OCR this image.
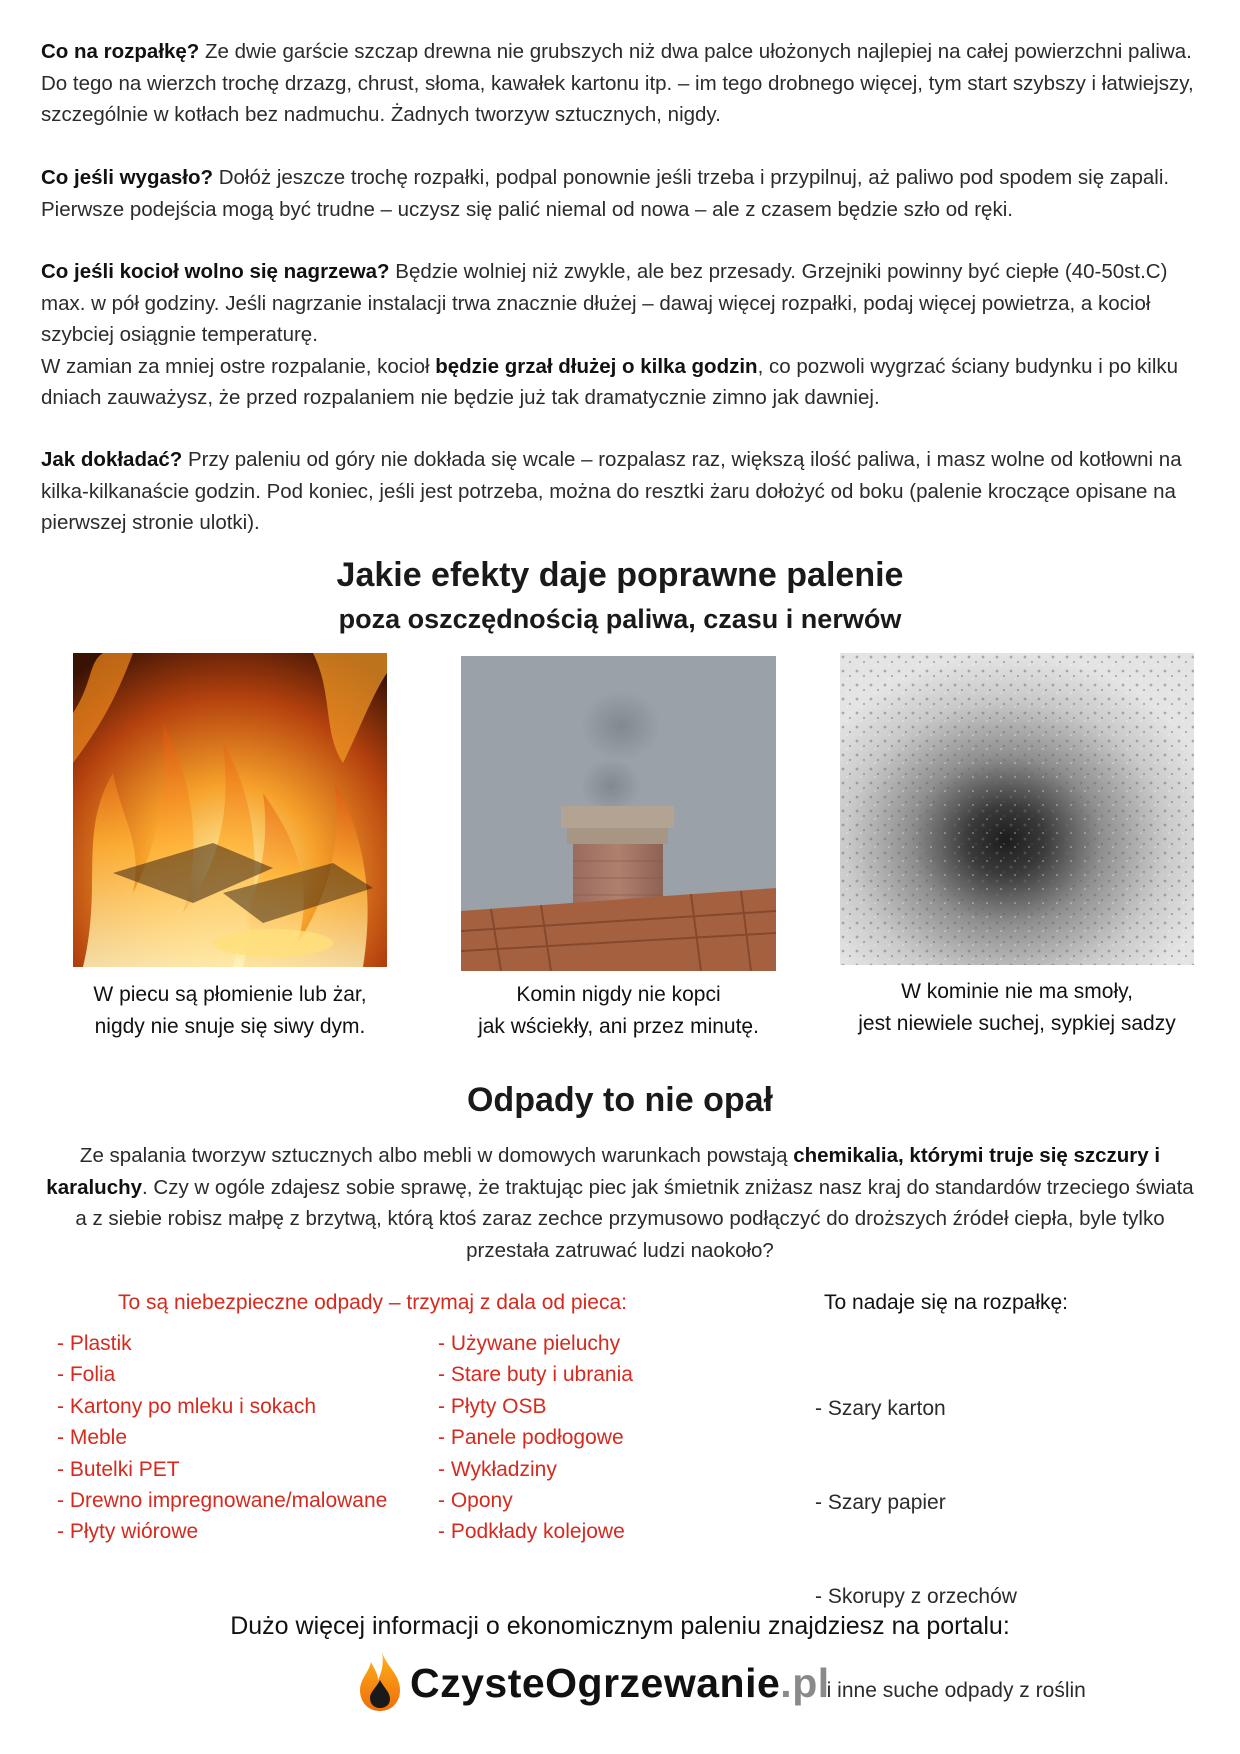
Co na rozpałkę? Ze dwie garście szczap drewna nie grubszych niż dwa palce ułożonych najlepiej na całej powierzchni paliwa. Do tego na wierzch trochę drzazg, chrust, słoma, kawałek kartonu itp. – im tego drobnego więcej, tym start szybszy i łatwiejszy, szczególnie w kotłach bez nadmuchu. Żadnych tworzyw sztucznych, nigdy.

Co jeśli wygasło? Dołóż jeszcze trochę rozpałki, podpal ponownie jeśli trzeba i przypilnuj, aż paliwo pod spodem się zapali. Pierwsze podejścia mogą być trudne – uczysz się palić niemal od nowa – ale z czasem będzie szło od ręki.

Co jeśli kocioł wolno się nagrzewa? Będzie wolniej niż zwykle, ale bez przesady. Grzejniki powinny być ciepłe (40-50st.C) max. w pół godziny. Jeśli nagrzanie instalacji trwa znacznie dłużej – dawaj więcej rozpałki, podaj więcej powietrza, a kocioł szybciej osiągnie temperaturę.
W zamian za mniej ostre rozpalanie, kocioł będzie grzał dłużej o kilka godzin, co pozwoli wygrzać ściany budynku i po kilku dniach zauważysz, że przed rozpalaniem nie będzie już tak dramatycznie zimno jak dawniej.

Jak dokładać? Przy paleniu od góry nie dokłada się wcale – rozpalasz raz, większą ilość paliwa, i masz wolne od kotłowni na kilka-kilkanaście godzin. Pod koniec, jeśli jest potrzeba, można do resztki żaru dołożyć od boku (palenie kroczące opisane na pierwszej stronie ulotki).

Jakie efekty daje poprawne palenie
poza oszczędnością paliwa, czasu i nerwów
W piecu są płomienie lub żar,
nigdy nie snuje się siwy dym.
Komin nigdy nie kopci
jak wściekły, ani przez minutę.
W kominie nie ma smoły,
jest niewiele suchej, sypkiej sadzy
Odpady to nie opał

Ze spalania tworzyw sztucznych albo mebli w domowych warunkach powstają chemikalia, którymi truje się szczury i karaluchy. Czy w ogóle zdajesz sobie sprawę, że traktując piec jak śmietnik zniżasz nasz kraj do standardów trzeciego świata a z siebie robisz małpę z brzytwą, którą ktoś zaraz zechce przymusowo podłączyć do droższych źródeł ciepła, byle tylko przestała zatruwać ludzi naokoło?

To są niebezpieczne odpady – trzymaj z dala od pieca:	To nadaje się na rozpałkę:
- Plastik
- Folia
- Kartony po mleku i sokach
- Meble
- Butelki PET
- Drewno impregnowane/malowane
- Płyty wiórowe
- Używane pieluchy
- Stare buty i ubrania
- Płyty OSB
- Panele podłogowe
- Wykładziny
- Opony
- Podkłady kolejowe

- Szary karton

- Szary papier

- Skorupy z orzechów

i inne suche odpady z roślin

Dużo więcej informacji o ekonomicznym paleniu znajdziesz na portalu:
CzysteOgrzewanie.pl
